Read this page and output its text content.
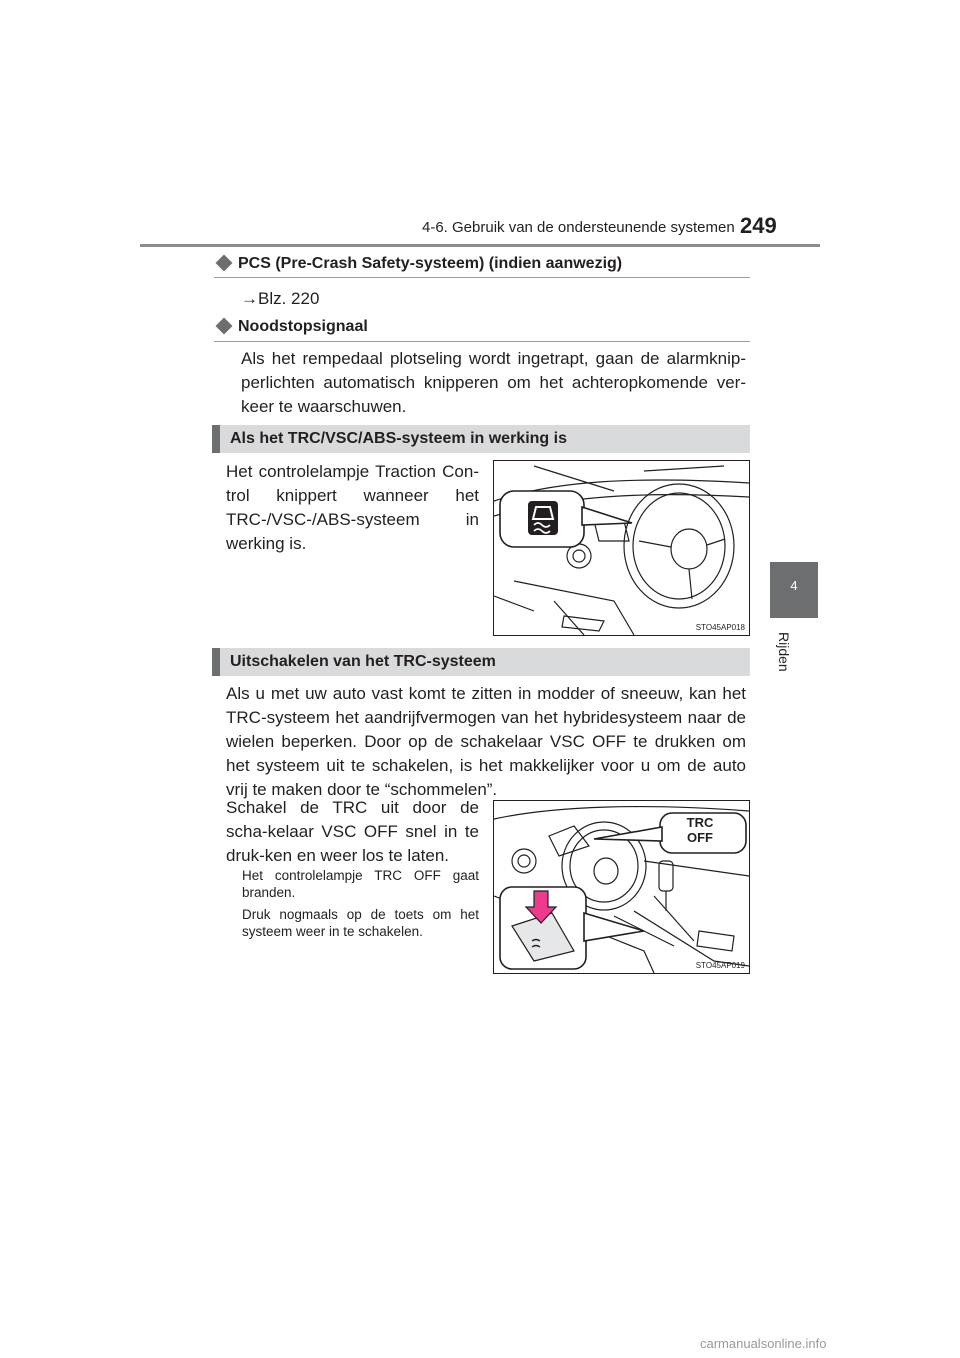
4-6. Gebruik van de ondersteunende systemen 249
4
Rijden
PCS (Pre-Crash Safety-systeem) (indien aanwezig)
→Blz. 220
Noodstopsignaal
Als het rempedaal plotseling wordt ingetrapt, gaan de alarmknip-perlichten automatisch knipperen om het achteropkomende ver-keer te waarschuwen.
Als het TRC/VSC/ABS-systeem in werking is
Het controlelampje Traction Con-trol knippert wanneer het TRC-/VSC-/ABS-systeem in werking is.
STO45AP018
Uitschakelen van het TRC-systeem
Als u met uw auto vast komt te zitten in modder of sneeuw, kan het TRC-systeem het aandrijfvermogen van het hybridesysteem naar de wielen beperken. Door op de schakelaar VSC OFF te drukken om het systeem uit te schakelen, is het makkelijker voor u om de auto vrij te maken door te “schommelen”.
Schakel de TRC uit door de scha-kelaar VSC OFF snel in te druk-ken en weer los te laten.
Het controlelampje TRC OFF gaat branden.
Druk nogmaals op de toets om het systeem weer in te schakelen.
TRC
OFF
STO45AP019
carmanualsonline.info
